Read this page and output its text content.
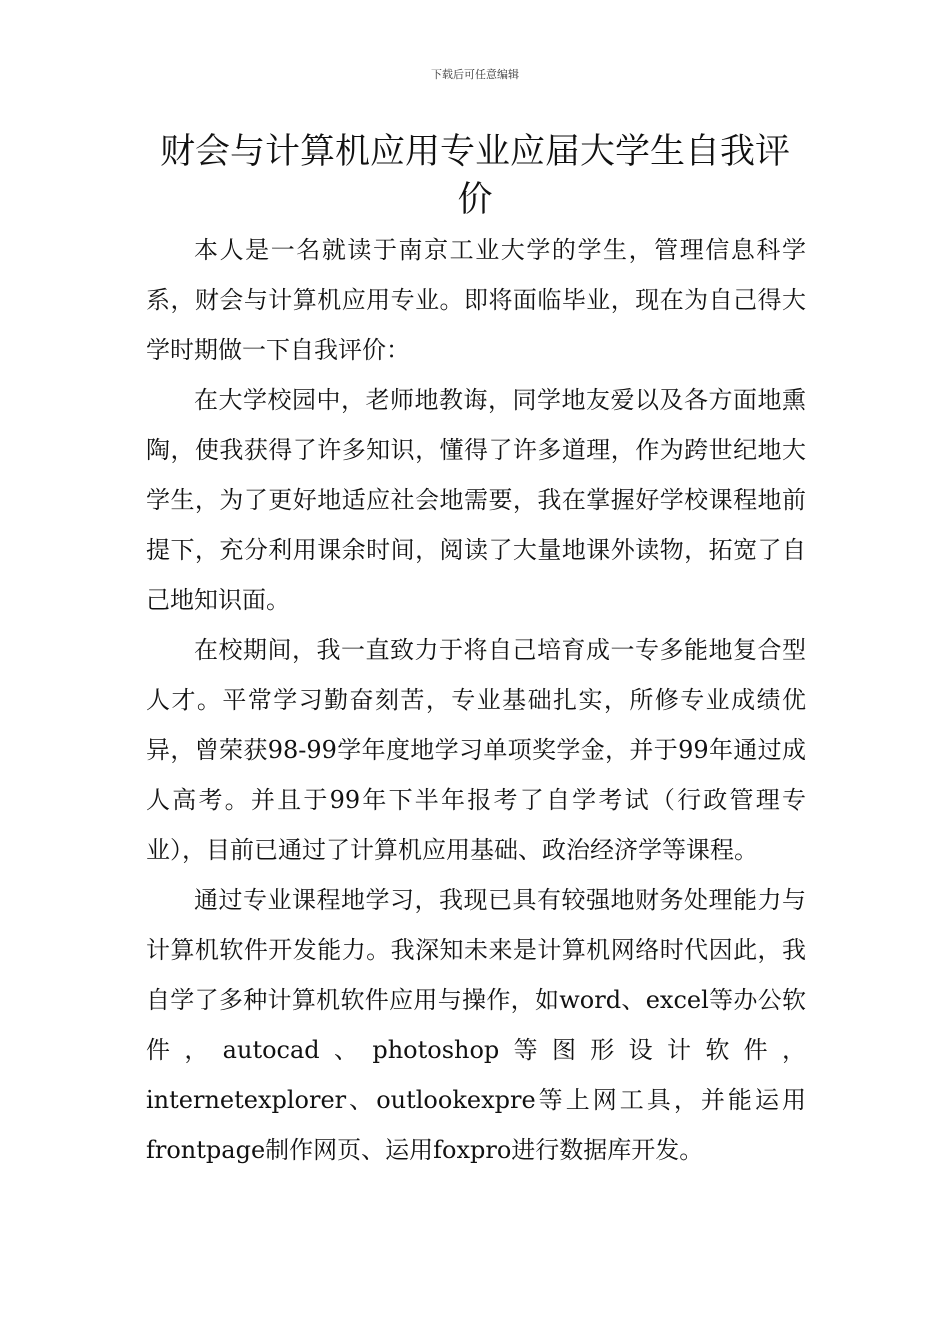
下载后可任意编辑
财会与计算机应用专业应届大学生自我评价

本人是一名就读于南京工业大学的学生，管理信息科学系，财会与计算机应用专业。即将面临毕业，现在为自己得大学时期做一下自我评价：

在大学校园中，老师地教诲，同学地友爱以及各方面地熏陶，使我获得了许多知识，懂得了许多道理，作为跨世纪地大学生，为了更好地适应社会地需要，我在掌握好学校课程地前提下，充分利用课余时间，阅读了大量地课外读物，拓宽了自己地知识面。

在校期间，我一直致力于将自己培育成一专多能地复合型人才。平常学习勤奋刻苦，专业基础扎实，所修专业成绩优异，曾荣获98-99学年度地学习单项奖学金，并于99年通过成人高考。并且于99年下半年报考了自学考试（行政管理专业），目前已通过了计算机应用基础、政治经济学等课程。

通过专业课程地学习，我现已具有较强地财务处理能力与计算机软件开发能力。我深知未来是计算机网络时代因此，我自学了多种计算机软件应用与操作，如word、excel等办公软件，autocad、photoshop等图形设计软件，internetexplorer、outlookexpre等上网工具，并能运用frontpage制作网页、运用foxpro进行数据库开发。
